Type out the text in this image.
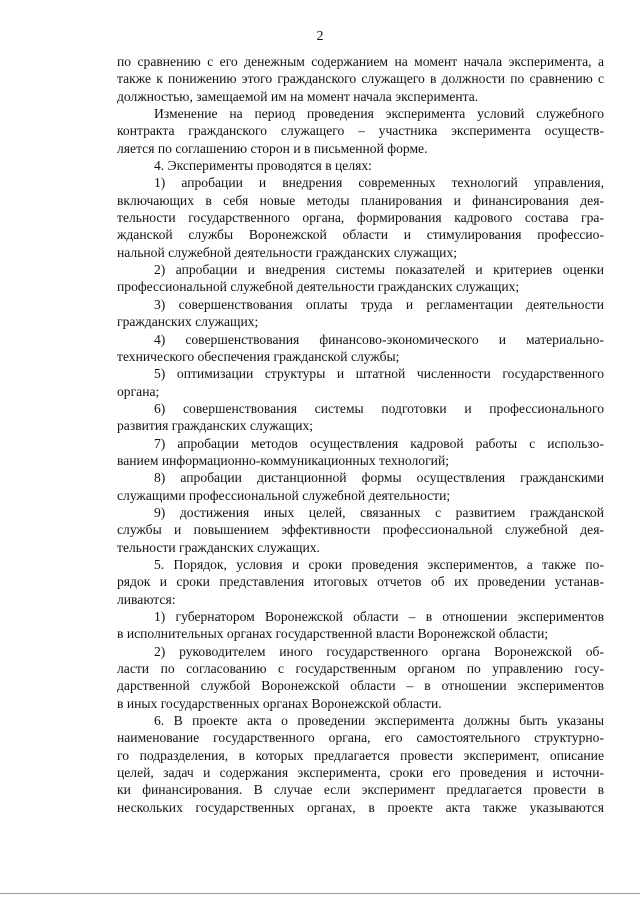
2
по сравнению с его денежным содержанием на момент начала эксперимента, а также к понижению этого гражданского служащего в должности по сравнению с должностью, замещаемой им на момент начала эксперимента.
Изменение на период проведения эксперимента условий служебного
контракта гражданского служащего – участника эксперимента осуществ-
ляется по соглашению сторон и в письменной форме.
4. Эксперименты проводятся в целях:
1) апробации и внедрения современных технологий управления,
включающих в себя новые методы планирования и финансирования дея-
тельности государственного органа, формирования кадрового состава гра-
жданской службы Воронежской области и стимулирования профессио-
нальной служебной деятельности гражданских служащих;
2) апробации и внедрения системы показателей и критериев оценки
профессиональной служебной деятельности гражданских служащих;
3) совершенствования оплаты труда и регламентации деятельности
гражданских служащих;
4) совершенствования финансово-экономического и материально-
технического обеспечения гражданской службы;
5) оптимизации структуры и штатной численности государственного
органа;
6) совершенствования системы подготовки и профессионального
развития гражданских служащих;
7) апробации методов осуществления кадровой работы с использо-
ванием информационно-коммуникационных технологий;
8) апробации дистанционной формы осуществления гражданскими
служащими профессиональной служебной деятельности;
9) достижения иных целей, связанных с развитием гражданской
службы и повышением эффективности профессиональной служебной дея-
тельности гражданских служащих.
5. Порядок, условия и сроки проведения экспериментов, а также по-
рядок и сроки представления итоговых отчетов об их проведении устанав-
ливаются:
1) губернатором Воронежской области – в отношении экспериментов
в исполнительных органах государственной власти Воронежской области;
2) руководителем иного государственного органа Воронежской об-
ласти по согласованию с государственным органом по управлению госу-
дарственной службой Воронежской области – в отношении экспериментов
в иных государственных органах Воронежской области.
6. В проекте акта о проведении эксперимента должны быть указаны
наименование государственного органа, его самостоятельного структурно-
го подразделения, в которых предлагается провести эксперимент, описание
целей, задач и содержания эксперимента, сроки его проведения и источни-
ки финансирования. В случае если эксперимент предлагается провести в
нескольких государственных органах, в проекте акта также указываются
